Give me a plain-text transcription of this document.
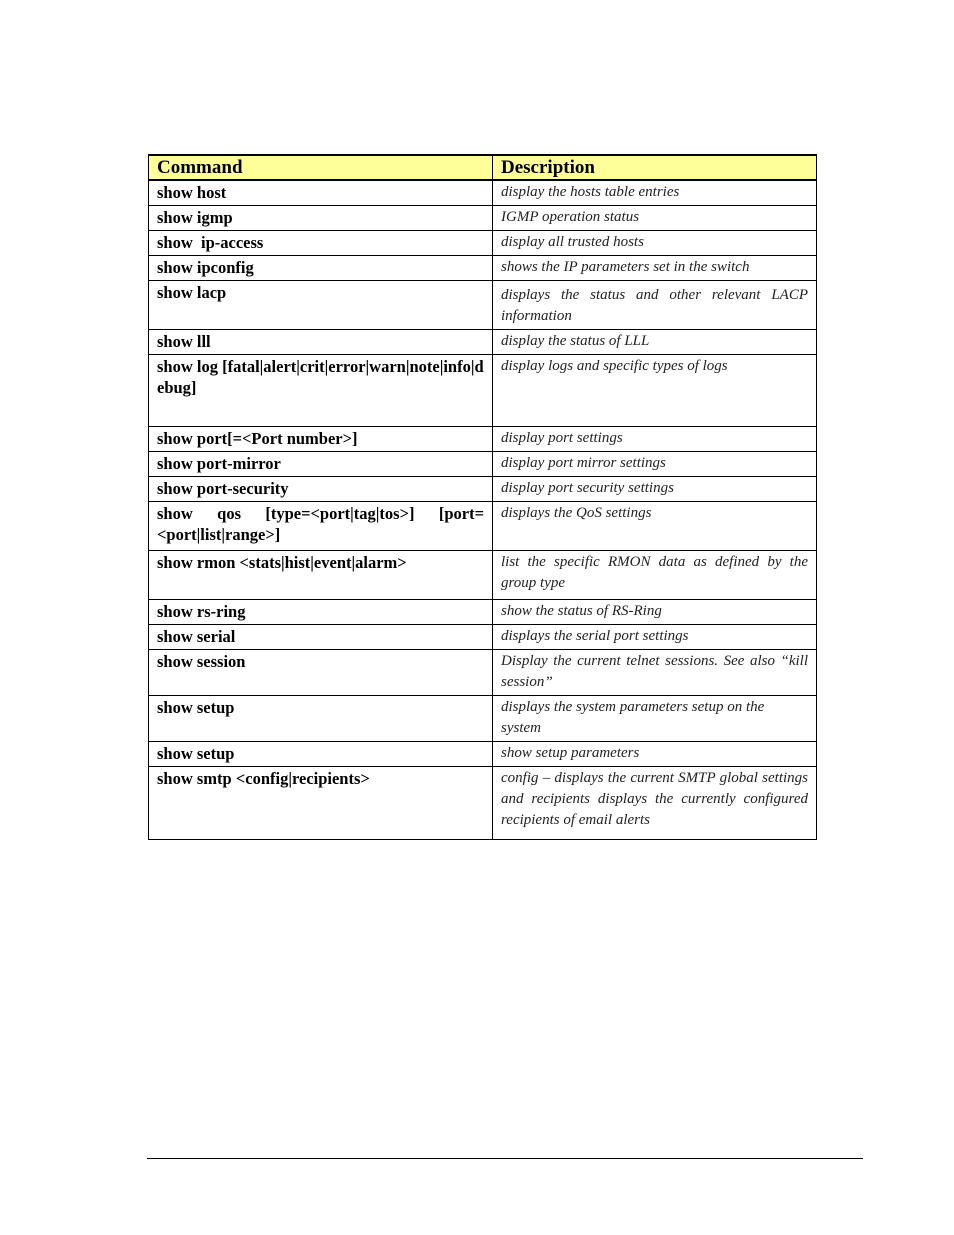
Command	Description
show host	display the hosts table entries
show igmp	IGMP operation status
show  ip-access	display all trusted hosts
show ipconfig	shows the IP parameters set in the switch
show lacp	displays the status and other relevant LACP information
show lll	display the status of LLL
show log [fatal|alert|crit|error|warn|note|info|debug]	display logs and specific types of logs
show port[=<Port number>]	display port settings
show port-mirror	display port mirror settings
show port-security	display port security settings
show qos [type=<port|tag|tos>] [port=<port|list|range>]	displays the QoS settings
show rmon <stats|hist|event|alarm>	list the specific RMON data as defined by the group type
show rs-ring	show the status of RS-Ring
show serial	displays the serial port settings
show session	Display the current telnet sessions. See also “kill session”
show setup	displays the system parameters setup on the system
show setup	show setup parameters
show smtp <config|recipients>	config – displays the current SMTP global settings and recipients displays the currently configured recipients of email alerts
